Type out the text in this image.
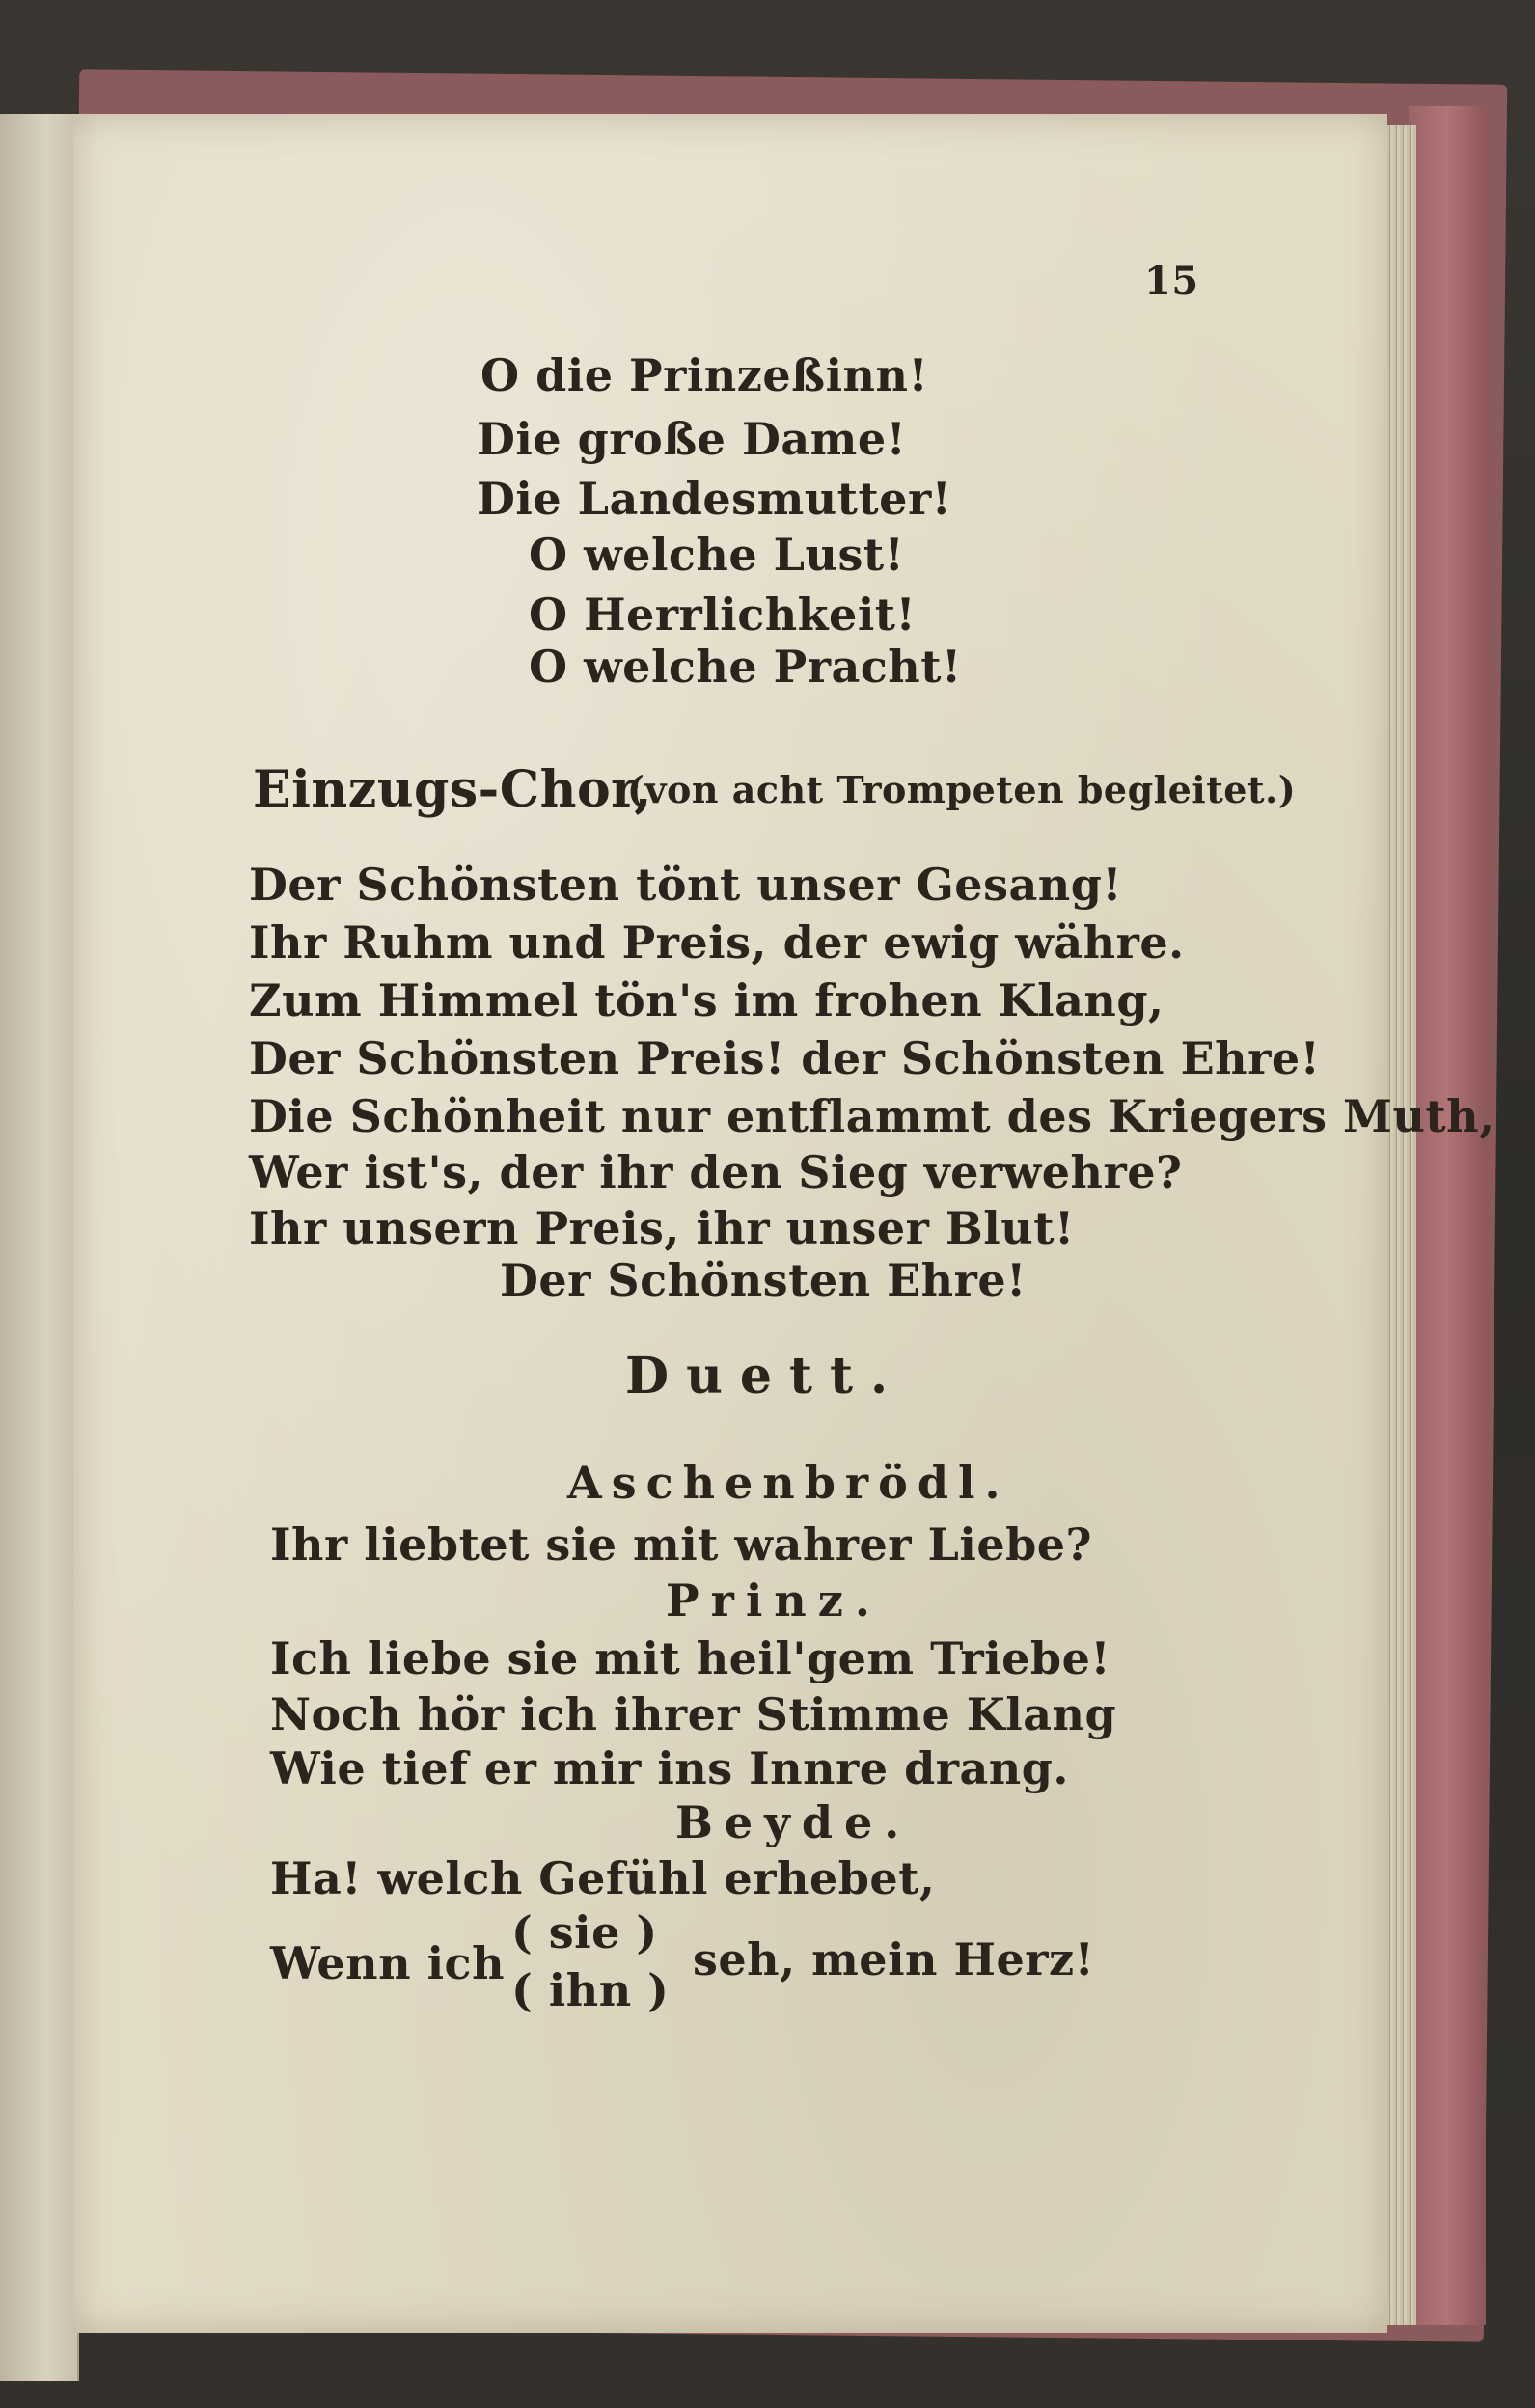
15
O die Prinzeßinn!
Die große Dame!
Die Landesmutter!
O welche Lust!
O Herrlichkeit!
O welche Pracht!
Einzugs-Chor,
(von acht Trompeten begleitet.)
Der Schönsten tönt unser Gesang!
Ihr Ruhm und Preis, der ewig währe.
Zum Himmel tön's im frohen Klang,
Der Schönsten Preis! der Schönsten Ehre!
Die Schönheit nur entflammt des Kriegers Muth,
Wer ist's, der ihr den Sieg verwehre?
Ihr unsern Preis, ihr unser Blut!
Der Schönsten Ehre!
Duett.
Aschenbrödl.
Ihr liebtet sie mit wahrer Liebe?
Prinz.
Ich liebe sie mit heil'gem Triebe!
Noch hör ich ihrer Stimme Klang
Wie tief er mir ins Innre drang.
Beyde.
Ha! welch Gefühl erhebet,
Wenn ich
( sie )
( ihn )
seh, mein Herz!
